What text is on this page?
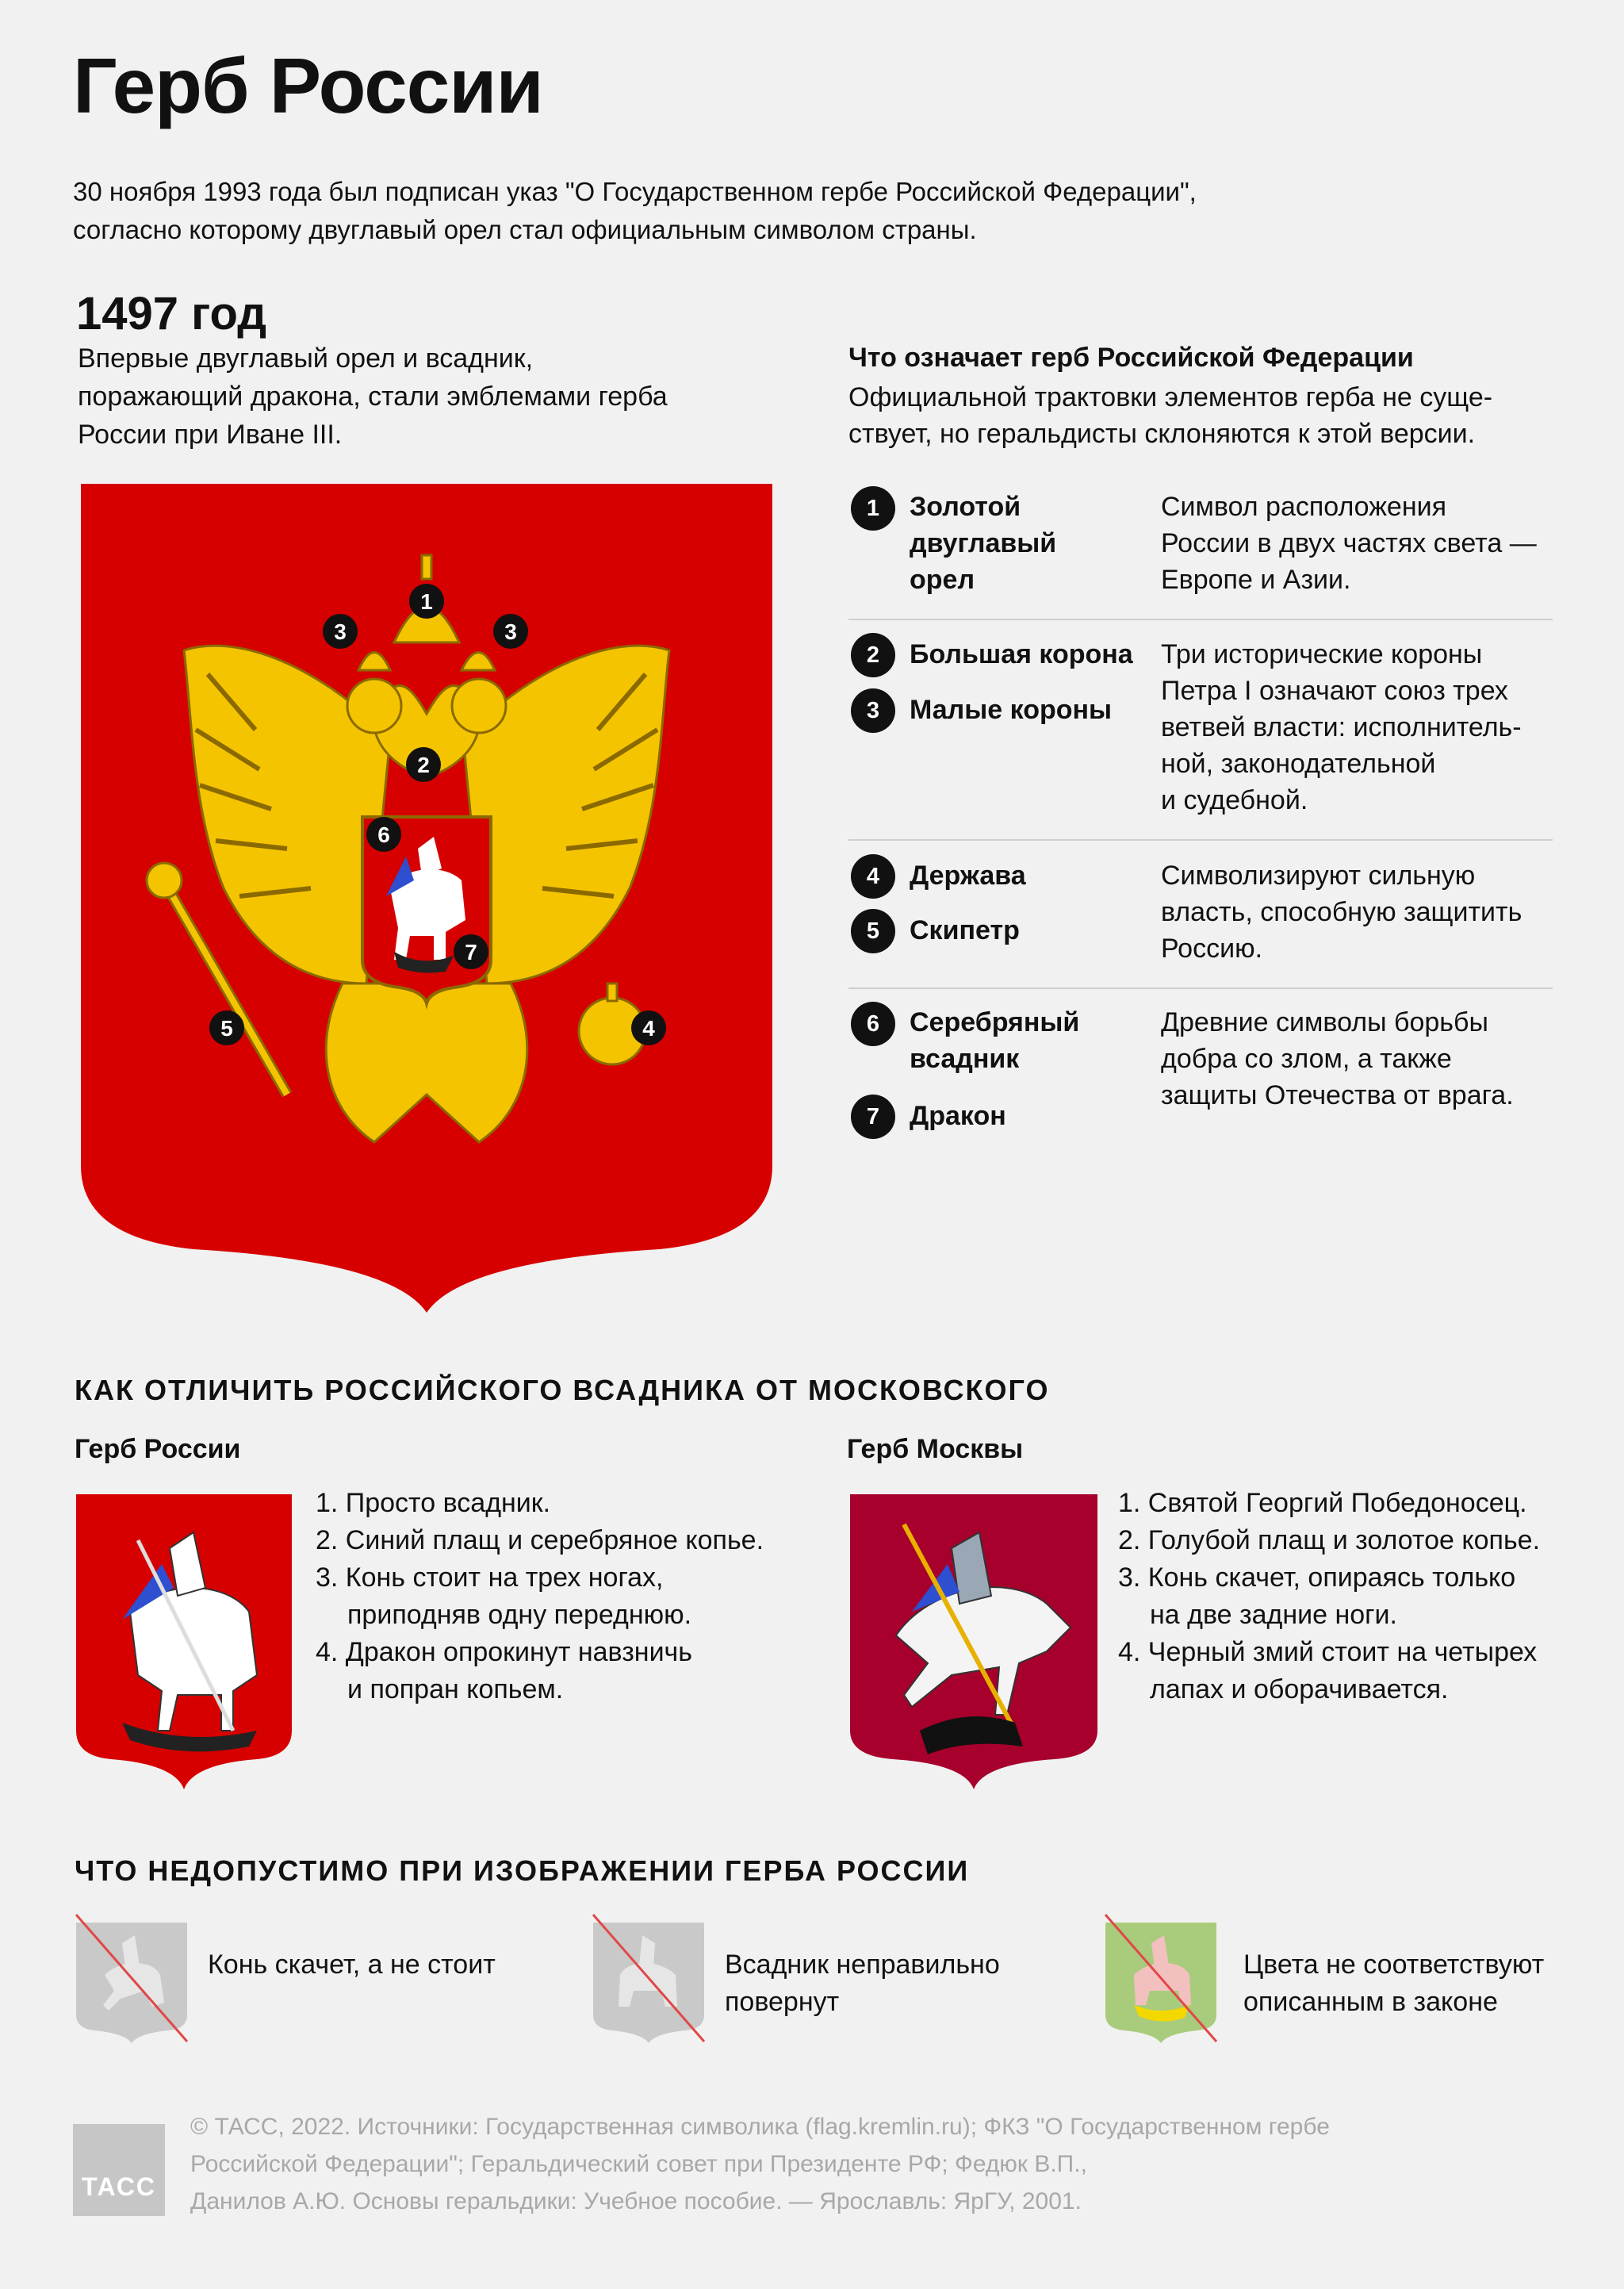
Герб России
30 ноября 1993 года был подписан указ "О Государственном гербе Российской Федерации",
согласно которому двуглавый орел стал официальным символом страны.
1497 год
Впервые двуглавый орел и всадник,
поражающий дракона, стали эмблемами герба
России при Иване III.
1
3	3
2
6
7
5	4
Что означает герб Российской Федерации
Официальной трактовки элементов герба не суще-
ствует, но геральдисты склоняются к этой версии.
1	Золотой
двуглавый
орел
Символ расположения
России в двух частях света —
Европе и Азии.
2	Большая корона
3	Малые короны
Три исторические короны
Петра I означают союз трех
ветвей власти: исполнитель-
ной, законодательной
и судебной.
4	Держава
5	Скипетр
Символизируют сильную
власть, способную защитить
Россию.
6	Серебряный
всадник
7	Дракон
Древние символы борьбы
добра со злом, а также
защиты Отечества от врага.
КАК ОТЛИЧИТЬ РОССИЙСКОГО ВСАДНИКА ОТ МОСКОВСКОГО
Герб России
1. Просто всадник.
2. Синий плащ и серебряное копье.
3. Конь стоит на трех ногах,
приподняв одну переднюю.
4. Дракон опрокинут навзничь
и попран копьем.
Герб Москвы
1. Святой Георгий Победоносец.
2. Голубой плащ и золотое копье.
3. Конь скачет, опираясь только
на две задние ноги.
4. Черный змий стоит на четырех
лапах и оборачивается.
ЧТО НЕДОПУСТИМО ПРИ ИЗОБРАЖЕНИИ ГЕРБА РОССИИ
Конь скачет, а не стоит	Всадник неправильно
повернут
Цвета не соответствуют
описанным в законе
ТАСС
© ТАСС, 2022. Источники: Государственная символика (flag.kremlin.ru); ФКЗ "О Государственном гербе
Российской Федерации"; Геральдический совет при Президенте РФ; Федюк В.П.,
Данилов А.Ю. Основы геральдики: Учебное пособие. — Ярославль: ЯрГУ, 2001.
